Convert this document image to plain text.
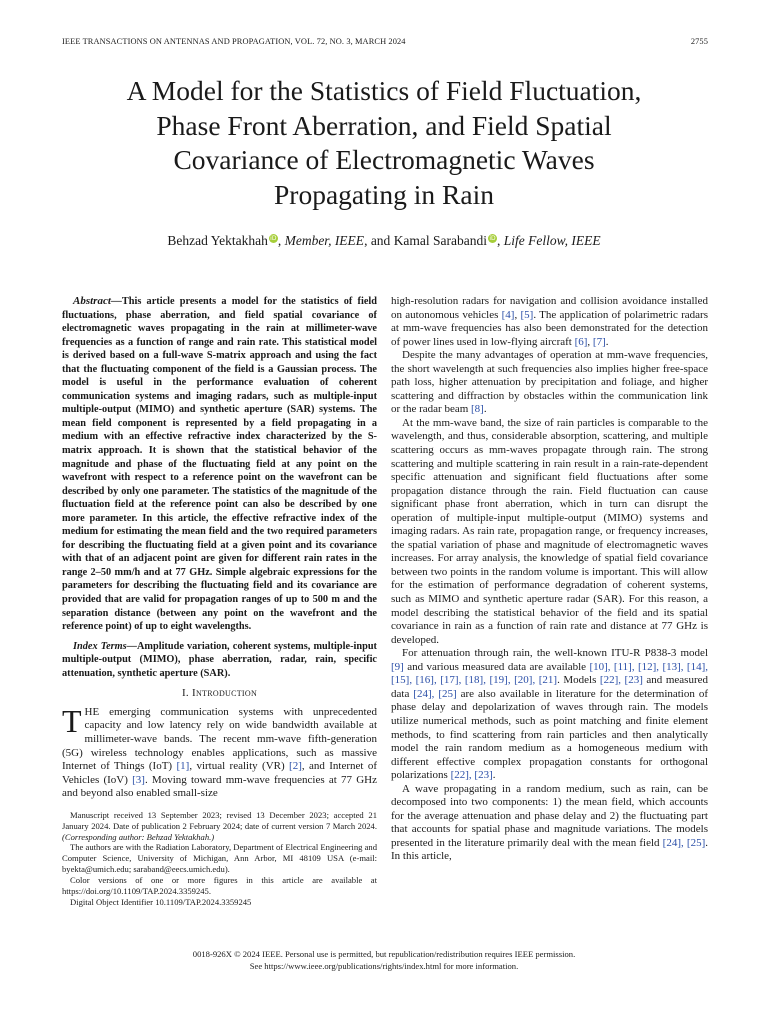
IEEE TRANSACTIONS ON ANTENNAS AND PROPAGATION, VOL. 72, NO. 3, MARCH 2024	2755
A Model for the Statistics of Field Fluctuation,
Phase Front Aberration, and Field Spatial
Covariance of Electromagnetic Waves
Propagating in Rain
Behzad Yektakhah iD, Member, IEEE, and Kamal Sarabandi iD, Life Fellow, IEEE

Abstract—This article presents a model for the statistics of field fluctuations, phase aberration, and field spatial covariance of electromagnetic waves propagating in the rain at millimeter-wave frequencies as a function of range and rain rate. This statistical model is derived based on a full-wave S-matrix approach and using the fact that the fluctuating component of the field is a Gaussian process. The model is useful in the performance evaluation of coherent communication systems and imaging radars, such as multiple-input multiple-output (MIMO) and synthetic aperture (SAR) systems. The mean field component is represented by a field propagating in a medium with an effective refractive index characterized by the S-matrix approach. It is shown that the statistical behavior of the magnitude and phase of the fluctuating field at any point on the wavefront with respect to a reference point on the wavefront can be described by only one parameter. The statistics of the magnitude of the fluctuation field at the reference point can also be described by one more parameter. In this article, the effective refractive index of the medium for estimating the mean field and the two required parameters for describing the fluctuating field at a given point and its covariance with that of an adjacent point are given for different rain rates in the range 2–50 mm/h and at 77 GHz. Simple algebraic expressions for the parameters for describing the fluctuating field and its covariance are provided that are valid for propagation ranges of up to 500 m and the separation distance (between any point on the wavefront and the reference point) of up to eight wavelengths.

Index Terms—Amplitude variation, coherent systems, multiple-input multiple-output (MIMO), phase aberration, radar, rain, specific attenuation, synthetic aperture (SAR).

I. Introduction

THE emerging communication systems with unprecedented capacity and low latency rely on wide bandwidth available at millimeter-wave bands. The recent mm-wave fifth-generation (5G) wireless technology enables applications, such as massive Internet of Things (IoT) [1], virtual reality (VR) [2], and Internet of Vehicles (IoV) [3]. Moving toward mm-wave frequencies at 77 GHz and beyond also enabled small-size

Manuscript received 13 September 2023; revised 13 December 2023; accepted 21 January 2024. Date of publication 2 February 2024; date of current version 7 March 2024. (Corresponding author: Behzad Yektakhah.)

The authors are with the Radiation Laboratory, Department of Electrical Engineering and Computer Science, University of Michigan, Ann Arbor, MI 48109 USA (e-mail: byekta@umich.edu; saraband@eecs.umich.edu).

Color versions of one or more figures in this article are available at https://doi.org/10.1109/TAP.2024.3359245.

Digital Object Identifier 10.1109/TAP.2024.3359245

high-resolution radars for navigation and collision avoidance installed on autonomous vehicles [4], [5]. The application of polarimetric radars at mm-wave frequencies has also been demonstrated for the detection of power lines used in low-flying aircraft [6], [7].

Despite the many advantages of operation at mm-wave frequencies, the short wavelength at such frequencies also implies higher free-space path loss, higher attenuation by precipitation and foliage, and higher scattering and diffraction by obstacles within the communication link or the radar beam [8].

At the mm-wave band, the size of rain particles is comparable to the wavelength, and thus, considerable absorption, scattering, and multiple scattering occurs as mm-waves propagate through rain. The strong scattering and multiple scattering in rain result in a rain-rate-dependent specific attenuation and significant field fluctuations after some propagation distance through the rain. Field fluctuation can cause significant phase front aberration, which in turn can disrupt the operation of multiple-input multiple-output (MIMO) systems and imaging radars. As rain rate, propagation range, or frequency increases, the spatial variation of phase and magnitude of electromagnetic waves increases. For array analysis, the knowledge of spatial field covariance between two points in the random volume is important. This will allow for the estimation of performance degradation of coherent systems, such as MIMO and synthetic aperture radar (SAR). For this reason, a model describing the statistical behavior of the field and its spatial covariance in rain as a function of rain rate and distance at 77 GHz is developed.

For attenuation through rain, the well-known ITU-R P838-3 model [9] and various measured data are available [10], [11], [12], [13], [14], [15], [16], [17], [18], [19], [20], [21]. Models [22], [23] and measured data [24], [25] are also available in literature for the determination of phase delay and depolarization of waves through rain. The models utilize numerical methods, such as point matching and finite element methods, to find scattering from rain particles and then analytically model the rain random medium as a homogeneous medium with different effective complex propagation constants for orthogonal polarizations [22], [23].

A wave propagating in a random medium, such as rain, can be decomposed into two components: 1) the mean field, which accounts for the average attenuation and phase delay and 2) the fluctuating part that accounts for spatial phase and magnitude variations. The models presented in the literature primarily deal with the mean field [24], [25]. In this article,

0018-926X © 2024 IEEE. Personal use is permitted, but republication/redistribution requires IEEE permission.
See https://www.ieee.org/publications/rights/index.html for more information.
